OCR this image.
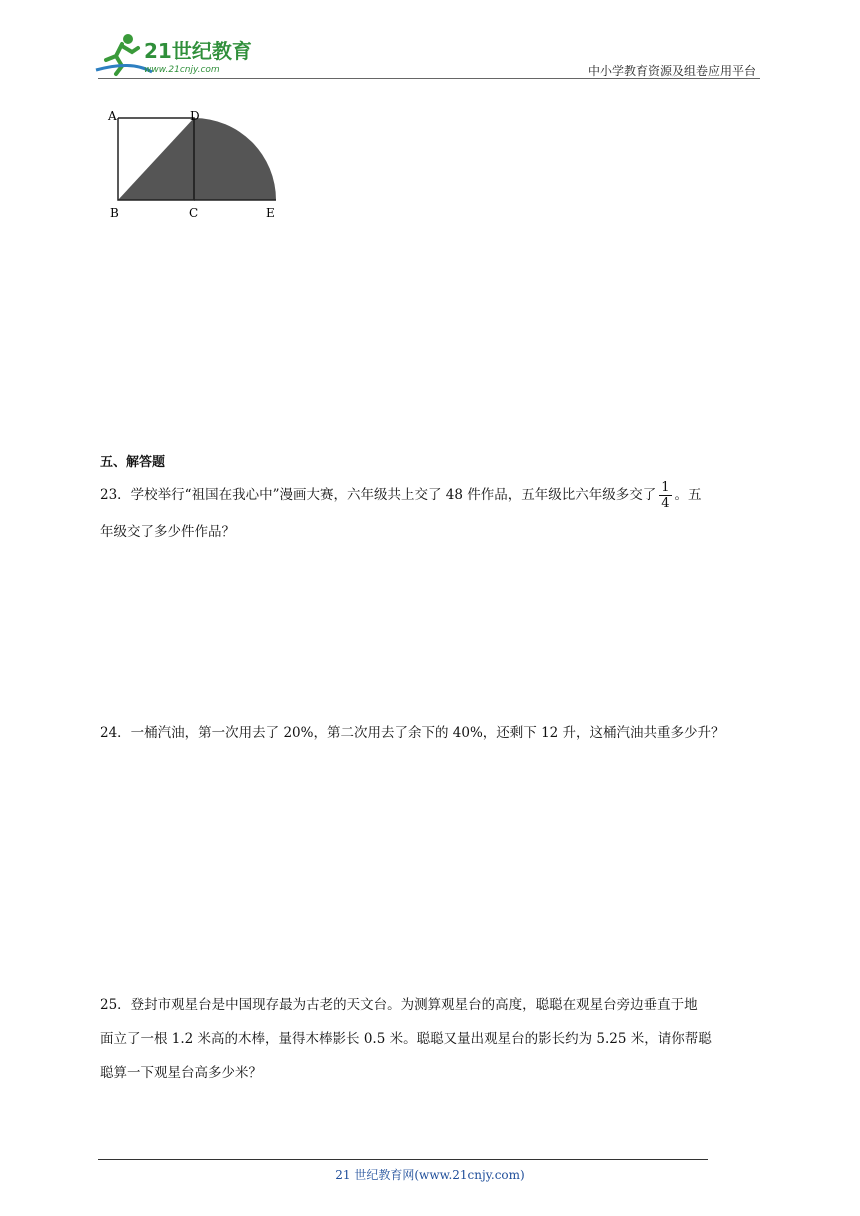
21世纪教育
www.21cnjy.com	中小学教育资源及组卷应用平台
A	D
B	C	E
五、解答题
23．学校举行“祖国在我心中”漫画大赛，六年级共上交了 48 件作品，五年级比六年级多交了 $\frac{1}{4}$ 。五
年级交了多少件作品？
24．一桶汽油，第一次用去了 20%，第二次用去了余下的 40%，还剩下 12 升，这桶汽油共重多少升？
25．登封市观星台是中国现存最为古老的天文台。为测算观星台的高度，聪聪在观星台旁边垂直于地
面立了一根 1.2 米高的木棒，量得木棒影长 0.5 米。聪聪又量出观星台的影长约为 5.25 米，请你帮聪
聪算一下观星台高多少米？
21 世纪教育网(www.21cnjy.com)
